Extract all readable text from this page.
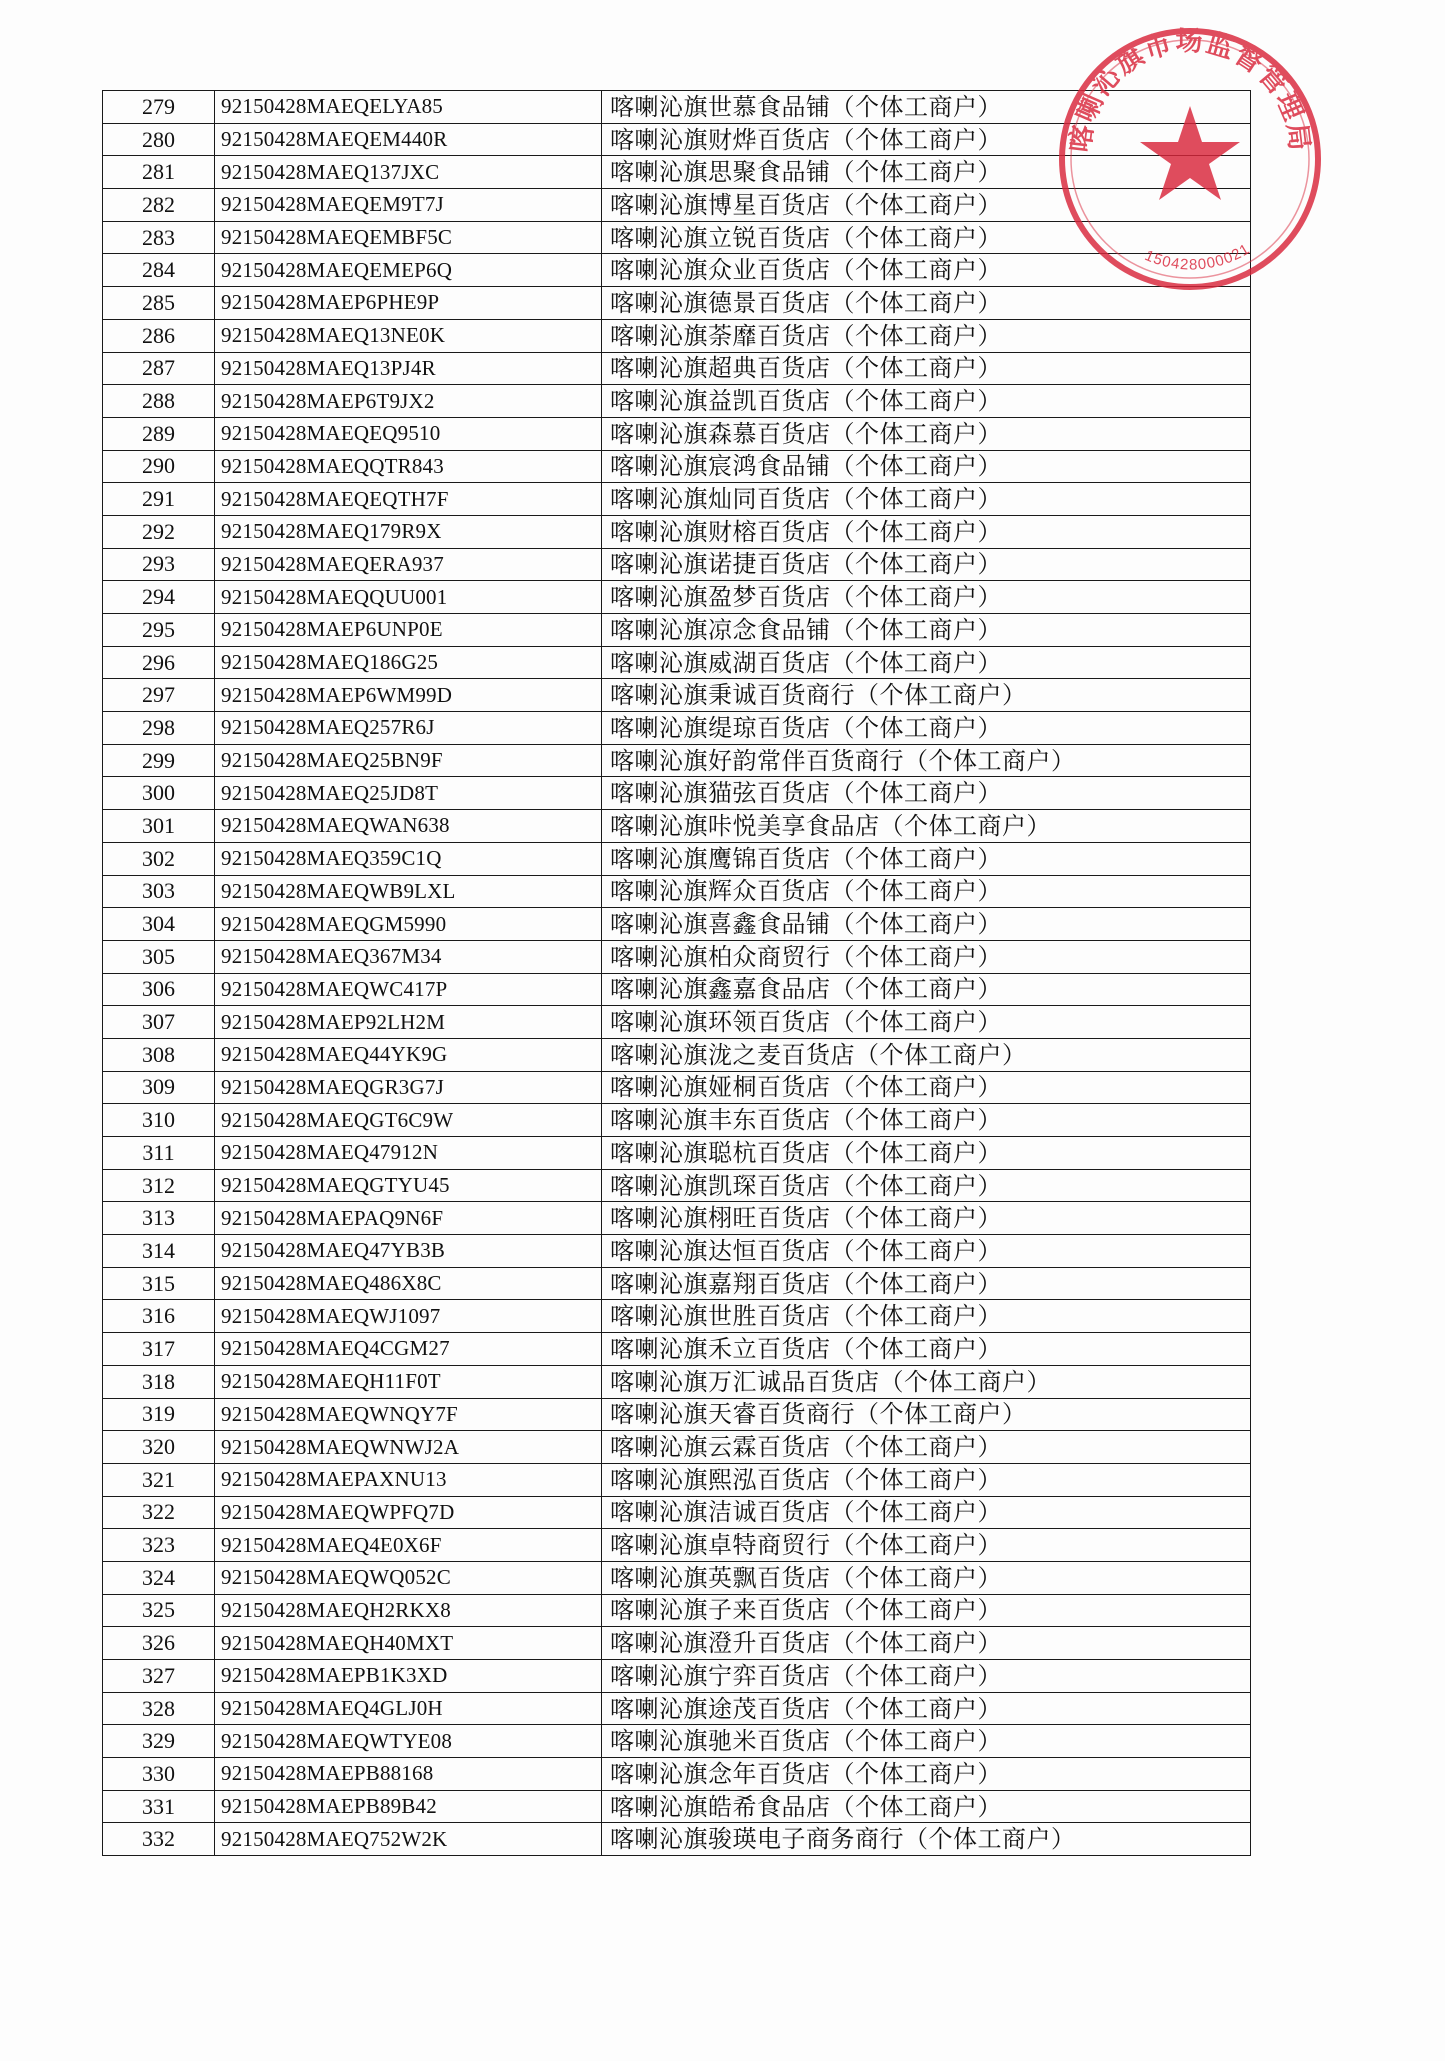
279	92150428MAEQELYA85	喀喇沁旗世慕食品铺（个体工商户）
280	92150428MAEQEM440R	喀喇沁旗财烨百货店（个体工商户）
281	92150428MAEQ137JXC	喀喇沁旗思聚食品铺（个体工商户）
282	92150428MAEQEM9T7J	喀喇沁旗博星百货店（个体工商户）
283	92150428MAEQEMBF5C	喀喇沁旗立锐百货店（个体工商户）
284	92150428MAEQEMEP6Q	喀喇沁旗众业百货店（个体工商户）
285	92150428MAEP6PHE9P	喀喇沁旗德景百货店（个体工商户）
286	92150428MAEQ13NE0K	喀喇沁旗荼靡百货店（个体工商户）
287	92150428MAEQ13PJ4R	喀喇沁旗超典百货店（个体工商户）
288	92150428MAEP6T9JX2	喀喇沁旗益凯百货店（个体工商户）
289	92150428MAEQEQ9510	喀喇沁旗森慕百货店（个体工商户）
290	92150428MAEQQTR843	喀喇沁旗宸鸿食品铺（个体工商户）
291	92150428MAEQEQTH7F	喀喇沁旗灿同百货店（个体工商户）
292	92150428MAEQ179R9X	喀喇沁旗财榕百货店（个体工商户）
293	92150428MAEQERA937	喀喇沁旗诺捷百货店（个体工商户）
294	92150428MAEQQUU001	喀喇沁旗盈梦百货店（个体工商户）
295	92150428MAEP6UNP0E	喀喇沁旗凉念食品铺（个体工商户）
296	92150428MAEQ186G25	喀喇沁旗威湖百货店（个体工商户）
297	92150428MAEP6WM99D	喀喇沁旗秉诚百货商行（个体工商户）
298	92150428MAEQ257R6J	喀喇沁旗缇琼百货店（个体工商户）
299	92150428MAEQ25BN9F	喀喇沁旗好韵常伴百货商行（个体工商户）
300	92150428MAEQ25JD8T	喀喇沁旗猫弦百货店（个体工商户）
301	92150428MAEQWAN638	喀喇沁旗咔悦美享食品店（个体工商户）
302	92150428MAEQ359C1Q	喀喇沁旗鹰锦百货店（个体工商户）
303	92150428MAEQWB9LXL	喀喇沁旗辉众百货店（个体工商户）
304	92150428MAEQGM5990	喀喇沁旗喜鑫食品铺（个体工商户）
305	92150428MAEQ367M34	喀喇沁旗柏众商贸行（个体工商户）
306	92150428MAEQWC417P	喀喇沁旗鑫嘉食品店（个体工商户）
307	92150428MAEP92LH2M	喀喇沁旗环领百货店（个体工商户）
308	92150428MAEQ44YK9G	喀喇沁旗泷之麦百货店（个体工商户）
309	92150428MAEQGR3G7J	喀喇沁旗娅桐百货店（个体工商户）
310	92150428MAEQGT6C9W	喀喇沁旗丰东百货店（个体工商户）
311	92150428MAEQ47912N	喀喇沁旗聪杭百货店（个体工商户）
312	92150428MAEQGTYU45	喀喇沁旗凯琛百货店（个体工商户）
313	92150428MAEPAQ9N6F	喀喇沁旗栩旺百货店（个体工商户）
314	92150428MAEQ47YB3B	喀喇沁旗达恒百货店（个体工商户）
315	92150428MAEQ486X8C	喀喇沁旗嘉翔百货店（个体工商户）
316	92150428MAEQWJ1097	喀喇沁旗世胜百货店（个体工商户）
317	92150428MAEQ4CGM27	喀喇沁旗禾立百货店（个体工商户）
318	92150428MAEQH11F0T	喀喇沁旗万汇诚品百货店（个体工商户）
319	92150428MAEQWNQY7F	喀喇沁旗天睿百货商行（个体工商户）
320	92150428MAEQWNWJ2A	喀喇沁旗云霖百货店（个体工商户）
321	92150428MAEPAXNU13	喀喇沁旗熙泓百货店（个体工商户）
322	92150428MAEQWPFQ7D	喀喇沁旗洁诚百货店（个体工商户）
323	92150428MAEQ4E0X6F	喀喇沁旗卓特商贸行（个体工商户）
324	92150428MAEQWQ052C	喀喇沁旗英飘百货店（个体工商户）
325	92150428MAEQH2RKX8	喀喇沁旗子来百货店（个体工商户）
326	92150428MAEQH40MXT	喀喇沁旗澄升百货店（个体工商户）
327	92150428MAEPB1K3XD	喀喇沁旗宁弈百货店（个体工商户）
328	92150428MAEQ4GLJ0H	喀喇沁旗途茂百货店（个体工商户）
329	92150428MAEQWTYE08	喀喇沁旗驰米百货店（个体工商户）
330	92150428MAEPB88168	喀喇沁旗念年百货店（个体工商户）
331	92150428MAEPB89B42	喀喇沁旗皓希食品店（个体工商户）
332	92150428MAEQ752W2K	喀喇沁旗骏瑛电子商务商行（个体工商户）
喀喇沁旗市场监督管理局
150428000021
